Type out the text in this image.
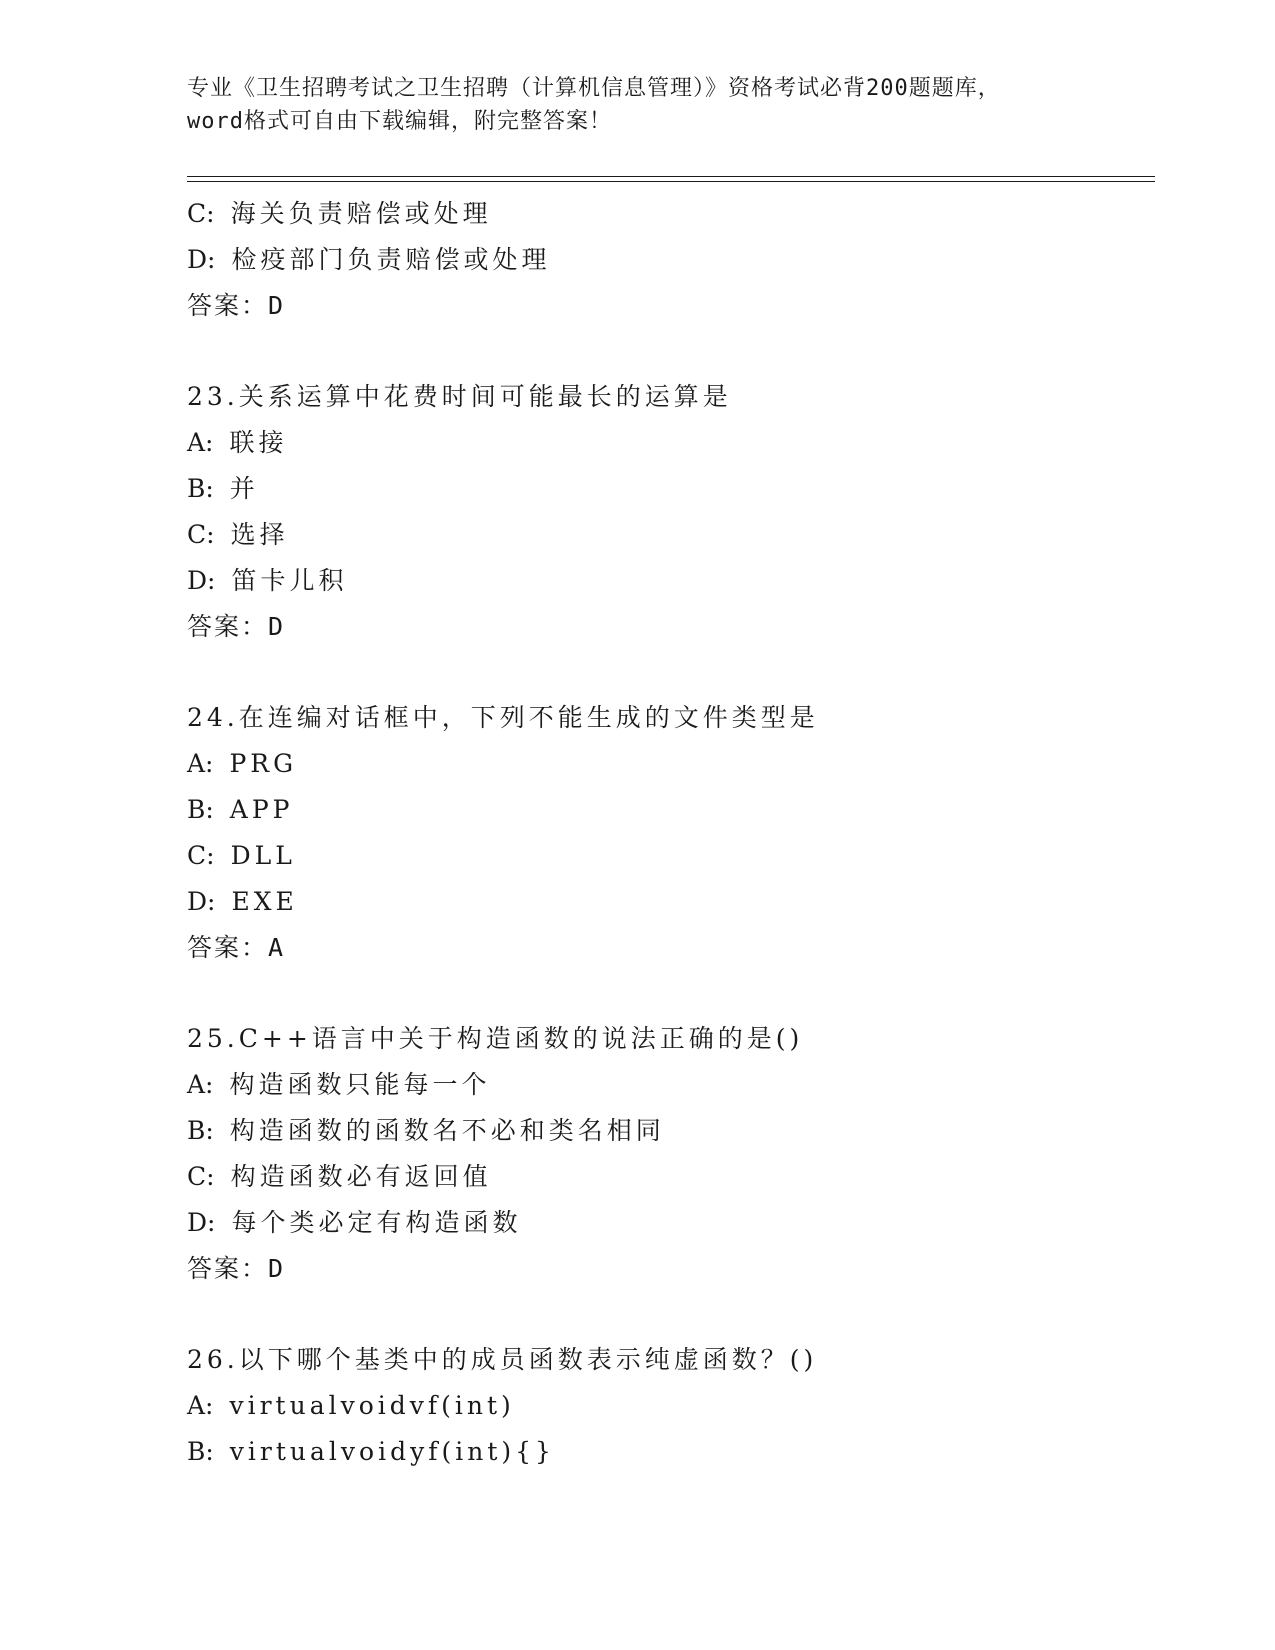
专业《卫生招聘考试之卫生招聘（计算机信息管理）》资格考试必背200题题库，
word格式可自由下载编辑，附完整答案！
C: 海关负责赔偿或处理
D: 检疫部门负责赔偿或处理
答案：D
23.关系运算中花费时间可能最长的运算是
A: 联接
B: 并
C: 选择
D: 笛卡儿积
答案：D
24.在连编对话框中，下列不能生成的文件类型是
A: PRG
B: APP
C: DLL
D: EXE
答案：A
25.C++语言中关于构造函数的说法正确的是()
A: 构造函数只能每一个
B: 构造函数的函数名不必和类名相同
C: 构造函数必有返回值
D: 每个类必定有构造函数
答案：D
26.以下哪个基类中的成员函数表示纯虚函数？()
A: virtualvoidvf(int)
B: virtualvoidyf(int){}
